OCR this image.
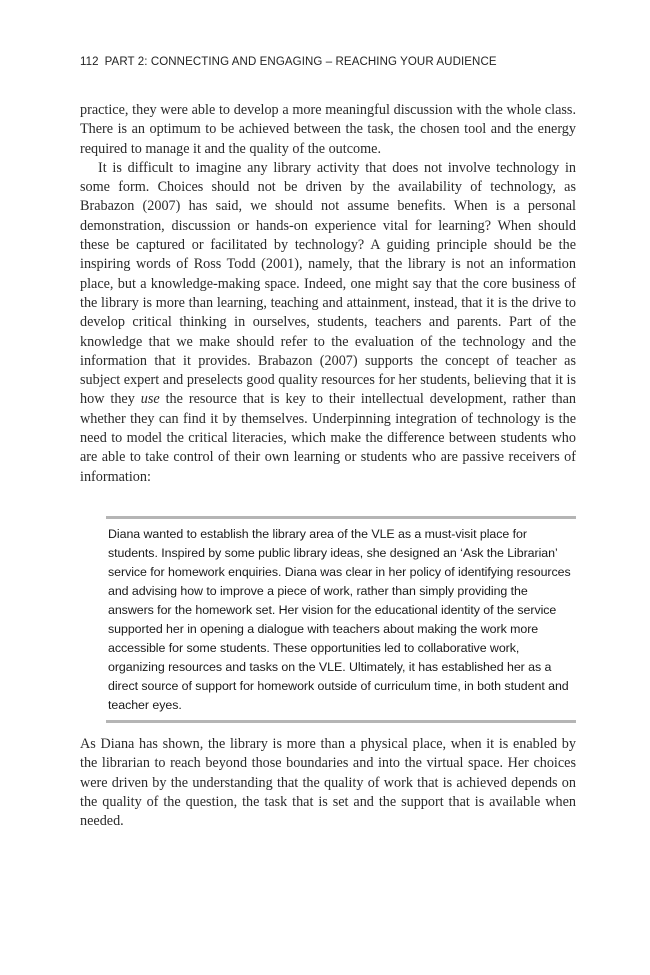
112 PART 2: CONNECTING AND ENGAGING – REACHING YOUR AUDIENCE

practice, they were able to develop a more meaningful discussion with the whole class. There is an optimum to be achieved between the task, the chosen tool and the energy required to manage it and the quality of the outcome.

It is difficult to imagine any library activity that does not involve technology in some form. Choices should not be driven by the availability of technology, as Brabazon (2007) has said, we should not assume benefits. When is a personal demonstration, discussion or hands-on experience vital for learning? When should these be captured or facilitated by technology? A guiding principle should be the inspiring words of Ross Todd (2001), namely, that the library is not an information place, but a knowledge-making space. Indeed, one might say that the core business of the library is more than learning, teaching and attainment, instead, that it is the drive to develop critical thinking in ourselves, students, teachers and parents. Part of the knowledge that we make should refer to the evaluation of the technology and the information that it provides. Brabazon (2007) supports the concept of teacher as subject expert and preselects good quality resources for her students, believing that it is how they use the resource that is key to their intellectual development, rather than whether they can find it by themselves. Underpinning integration of technology is the need to model the critical literacies, which make the difference between students who are able to take control of their own learning or students who are passive receivers of information:

Diana wanted to establish the library area of the VLE as a must-visit place for students. Inspired by some public library ideas, she designed an ‘Ask the Librarian’ service for homework enquiries. Diana was clear in her policy of identifying resources and advising how to improve a piece of work, rather than simply providing the answers for the homework set. Her vision for the educational identity of the service supported her in opening a dialogue with teachers about making the work more accessible for some students. These opportunities led to collaborative work, organizing resources and tasks on the VLE. Ultimately, it has established her as a direct source of support for homework outside of curriculum time, in both student and teacher eyes.

As Diana has shown, the library is more than a physical place, when it is enabled by the librarian to reach beyond those boundaries and into the virtual space. Her choices were driven by the understanding that the quality of work that is achieved depends on the quality of the question, the task that is set and the support that is available when needed.
